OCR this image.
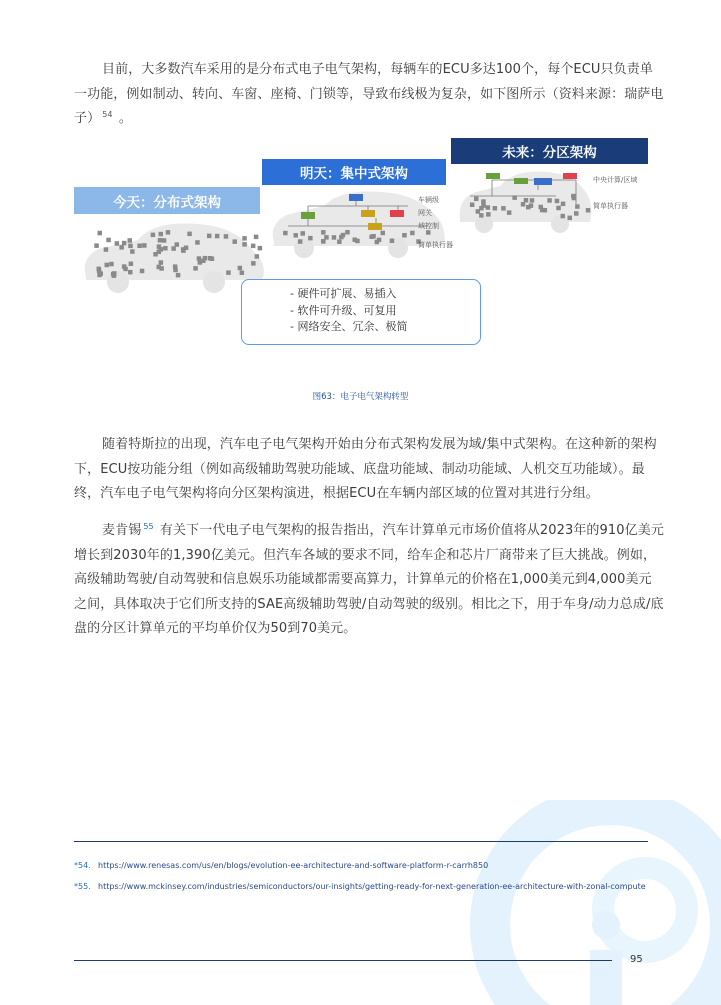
目前，大多数汽车采用的是分布式电子电气架构，每辆车的ECU多达100个，每个ECU只负责单一功能，例如制动、转向、车窗、座椅、门锁等，导致布线极为复杂，如下图所示（资料来源：瑞萨电子） $^{54}$ 。

今天：分布式架构
明天：集中式架构
未来：分区架构
车辆级
网关
域控制
简单执行器
中央计算/区域
简单执行器
- 硬件可扩展、易插入
- 软件可升级、可复用
- 网络安全、冗余、极简
图63：电子电气架构转型

随着特斯拉的出现，汽车电子电气架构开始由分布式架构发展为域/集中式架构。在这种新的架构下，ECU按功能分组（例如高级辅助驾驶功能域、底盘功能域、制动功能域、人机交互功能域）。最终，汽车电子电气架构将向分区架构演进，根据ECU在车辆内部区域的位置对其进行分组。

麦肯锡 $^{55}$ 有关下一代电子电气架构的报告指出，汽车计算单元市场价值将从2023年的910亿美元增长到2030年的1,390亿美元。但汽车各域的要求不同，给车企和芯片厂商带来了巨大挑战。例如，高级辅助驾驶/自动驾驶和信息娱乐功能域都需要高算力，计算单元的价格在1,000美元到4,000美元之间，具体取决于它们所支持的SAE高级辅助驾驶/自动驾驶的级别。相比之下，用于车身/动力总成/底盘的分区计算单元的平均单价仅为50到70美元。

*54. https://www.renesas.com/us/en/blogs/evolution-ee-architecture-and-software-platform-r-carrh850
*55. https://www.mckinsey.com/industries/semiconductors/our-insights/getting-ready-for-next-generation-ee-architecture-with-zonal-compute
95
